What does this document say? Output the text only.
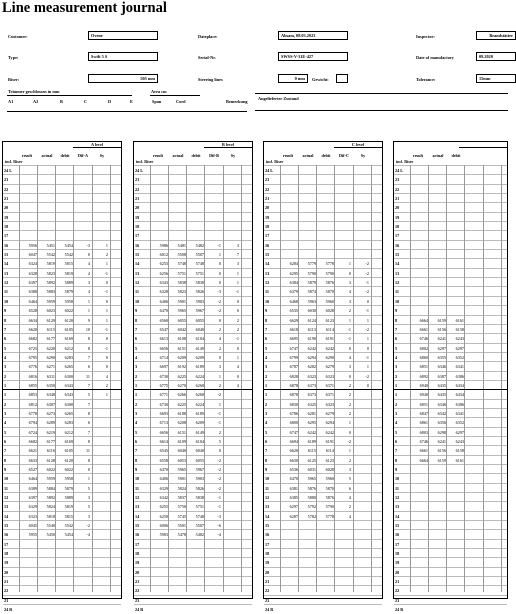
Line measurement journal
Customer:	Ovene	Dateplace:	Absam, 08.03.2023	Inspector:	Brandstätter
Type:	Swift 5 S	Serial-Nr.	SWSS-V-31E-427	Date of manufactory	09.2020
Riser:	505 mm	Steering lines	0 mm Gewicht:	Tolerance:	15mm
Trimmer geschlossen in mm	Area cm
A1	A2	B	C	D	E	Span	Cord	Bemerkung
Angelieferter Zustand
A level
result	actual	debit	Dif-A	Sy
incl. Riser
24 L
23
22
21
20
19
18
17
16	5956	5451	5454	-3	1
15	6047	5542	5542	0	2
14	6324	5819	5815	4	1
13	6328	5823	5819	4	-1
12	6397	5892	5889	3	0
11	6388	5883	5879	4	-1
10	6464	5959	5958	1	0
9	6528	6023	6022	1	1
8	6634	6129	6120	9	1
7	6620	6115	6105	10	-1
6	6682	6177	6169	8	0
5	6725	6220	6212	8	-1
4	6795	6290	6283	7	0
3	6776	6271	6265	6	0
2	6816	6311	6300	11	4
1	6855	6350	6343	7	2
1	6853	6348	6343	5	1
2	6812	6307	6300	7
3	6778	6273	6265	8
4	6794	6289	6283	6
5	6724	6219	6212	7
6	6682	6177	6169	8
7	6621	6116	6105	11
8	6633	6128	6120	8
9	6527	6022	6022	0
10	6464	5959	5958	1
11	6389	5884	5879	5
12	6397	5892	5889	3
13	6329	5824	5819	5
14	6323	5818	5815	3
15	6045	5540	5542	-2
16	5955	5450	5454	-4
17
18
19
20
21
22
23
24 R
B level
result	actual	debit	Dif-B	Sy
incl. Riser
24 L
23
22
21
20
19
18
17
16	5986	5481	5482	-1	3
15	6012	5508	5507	1	7
14	6253	5748	5748	0	3
13	6256	5751	5751	0	1
12	6343	5838	5838	0	1
11	6328	5823	5826	-3	-1
10	6406	5901	5903	-2	0
9	6470	5965	5967	-2	0
8	6560	6055	6055	0	2
7	6547	6042	6040	2	2
6	6613	6108	6104	4	-1
5	6656	6151	6149	2	0
4	6714	6209	6209	0	1
3	6697	6192	6189	3	4
2	6730	6225	6224	1	0
1	6775	6270	6268	2	4
1	6771	6266	6268	-2
2	6730	6225	6224	1
3	6693	6188	6189	-1
4	6713	6208	6209	-1
5	6656	6151	6149	2
6	6614	6109	6104	5
7	6545	6040	6040	0
8	6558	6053	6055	-2
9	6470	5965	5967	-2
10	6406	5901	5903	-2
11	6329	5824	5826	-2
12	6342	5837	5838	-1
13	6255	5750	5751	-1
14	6250	5745	5748	-3
15	6006	5501	5507	-6
16	5983	5478	5482	-4
17
18
19
20
21
22
23
24 R
C level
result	actual	debit	Dif-C	Sy
incl. Riser
24 L
23
22
21
20
19
18
17
16
15
14	6284	5779	5778	1	-2
13	6295	5790	5790	0	-2
12	6384	5879	5876	3	-1
11	6379	5874	5870	4	-2
10	6468	5963	5960	3	0
9	6535	6030	6028	2	-1
8	6629	6124	6123	1	1
7	6618	6113	6114	-1	-2
6	6695	6190	6191	-1	1
5	6747	6242	6242	0	0
4	6799	6294	6290	4	-1
3	6787	6282	6279	3	1
2	6828	6323	6323	0	-2
1	6878	6373	6371	2	0
1	6878	6373	6371	2
2	6830	6325	6323	2
3	6786	6281	6279	2
4	6800	6295	6294	1
5	6747	6242	6242	0
6	6694	6189	6191	-2
7	6620	6115	6114	1
8	6630	6125	6123	2
9	6536	6031	6028	3
10	6470	5965	5960	5
11	6381	5876	5870	6
12	6385	5880	5876	4
13	6297	5792	5790	2
14	6287	5782	5778	4
15
16
17
18
19
20
21
22
23
24 R
result	actual	debit
incl. Riser
24 L
23
22
21
20
19
18
17
16
15
14
13
12
11
10
9
8	6664	6159	6161
7	6661	6156	6158
6	6746	6241	6243
5	6802	6297	6297
4	6860	6355	6352
3	6851	6346	6341
2	6892	6387	6386
1	6940	6435	6434
1	6940	6435	6434
2	6851	6346	6386
3	6847	6342	6341
4	6861	6356	6352
5	6803	6298	6297
6	6746	6241	6243
7	6661	6156	6158
8	6664	6159	6161
9
10
11
12
13
14
15
16
17
18
19
20
21
22
23
24 R
